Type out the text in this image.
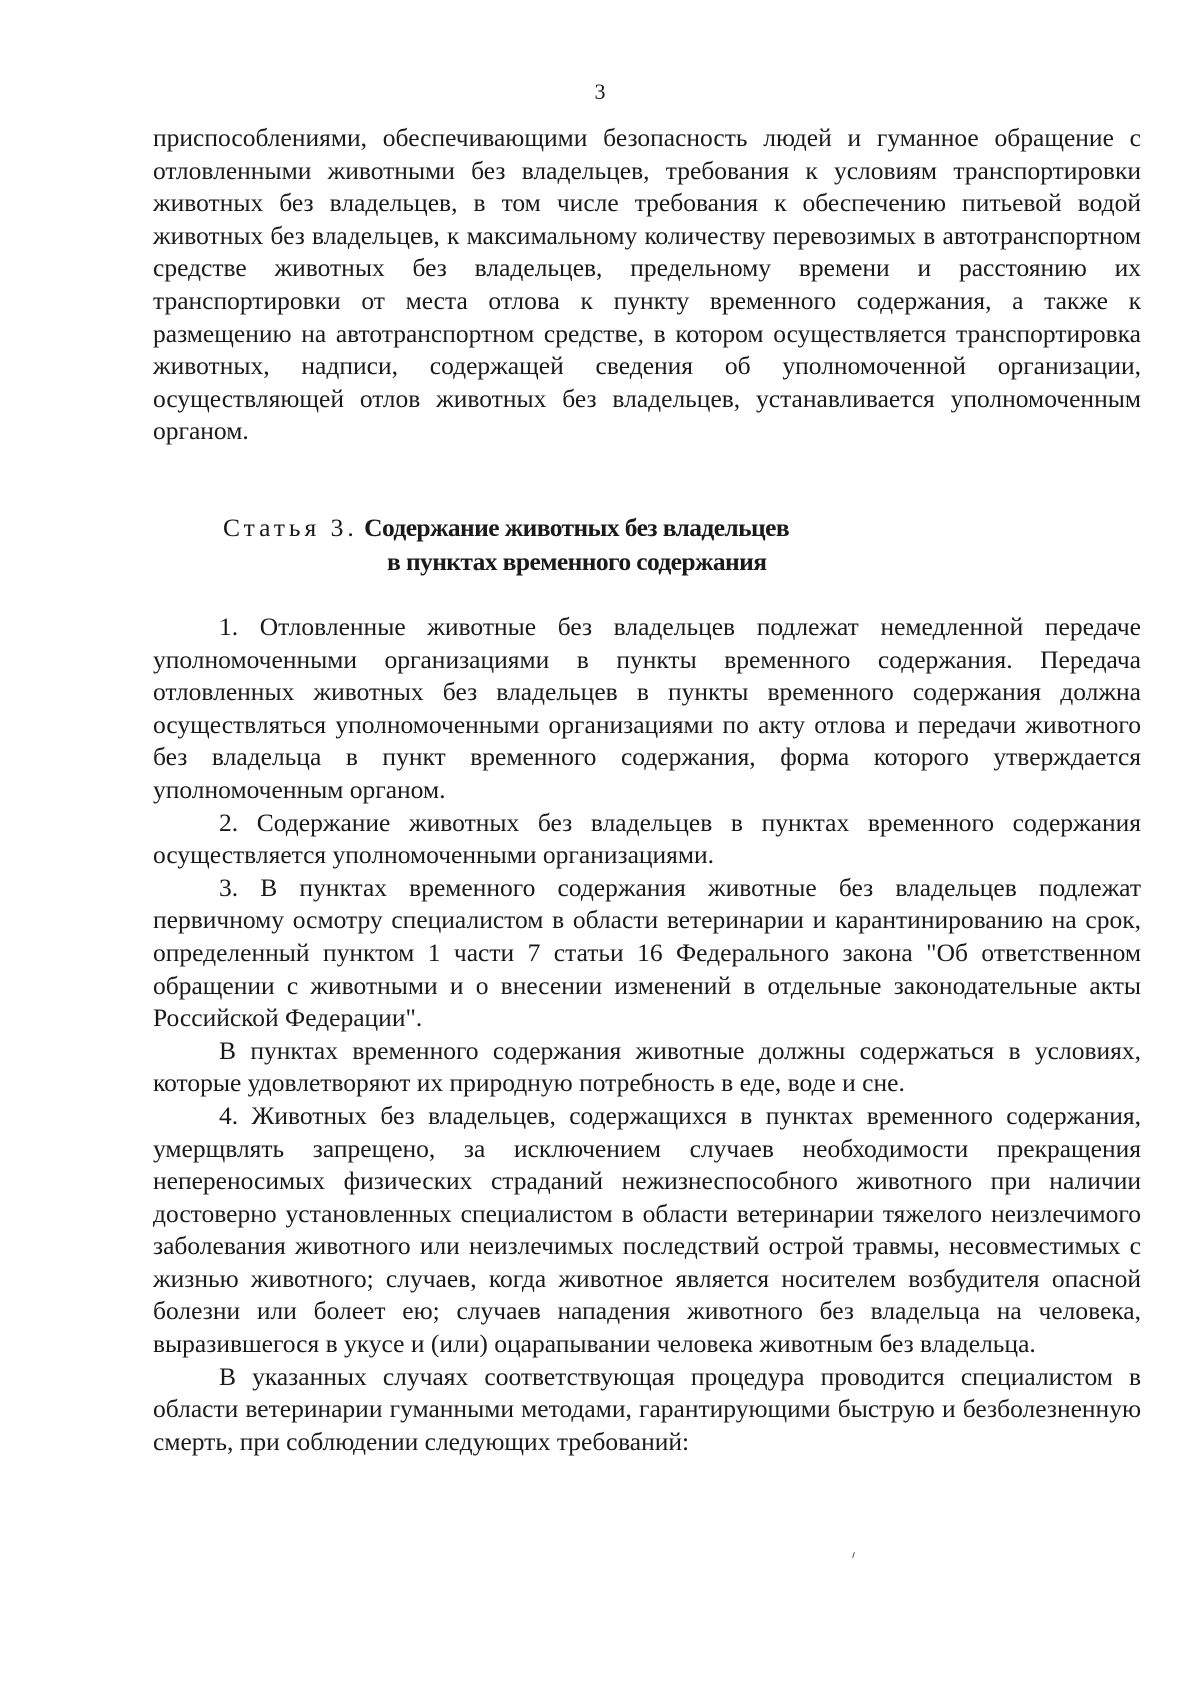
3

приспособлениями, обеспечивающими безопасность людей и гуманное обращение с отловленными животными без владельцев, требования к условиям транспортировки животных без владельцев, в том числе требования к обеспечению питьевой водой животных без владельцев, к максимальному количеству перевозимых в автотранспортном средстве животных без владельцев, предельному времени и расстоянию их транспортировки от места отлова к пункту временного содержания, а также к размещению на автотранспортном средстве, в котором осуществляется транспортировка животных, надписи, содержащей сведения об уполномоченной организации, осуществляющей отлов животных без владельцев, устанавливается уполномоченным органом.

Статья 3. Содержание животных без владельцев
в пунктах временного содержания

1. Отловленные животные без владельцев подлежат немедленной передаче уполномоченными организациями в пункты временного содержания. Передача отловленных животных без владельцев в пункты временного содержания должна осуществляться уполномоченными организациями по акту отлова и передачи животного без владельца в пункт временного содержания, форма которого утверждается уполномоченным органом.

2. Содержание животных без владельцев в пунктах временного содержания осуществляется уполномоченными организациями.

3. В пунктах временного содержания животные без владельцев подлежат первичному осмотру специалистом в области ветеринарии и карантинированию на срок, определенный пунктом 1 части 7 статьи 16 Федерального закона "Об ответственном обращении с животными и о внесении изменений в отдельные законодательные акты Российской Федерации".

В пунктах временного содержания животные должны содержаться в условиях, которые удовлетворяют их природную потребность в еде, воде и сне.

4. Животных без владельцев, содержащихся в пунктах временного содержания, умерщвлять запрещено, за исключением случаев необходимости прекращения непереносимых физических страданий нежизнеспособного животного при наличии достоверно установленных специалистом в области ветеринарии тяжелого неизлечимого заболевания животного или неизлечимых последствий острой травмы, несовместимых с жизнью животного; случаев, когда животное является носителем возбудителя опасной болезни или болеет ею; случаев нападения животного без владельца на человека, выразившегося в укусе и (или) оцарапывании человека животным без владельца.

В указанных случаях соответствующая процедура проводится специалистом в области ветеринарии гуманными методами, гарантирующими быструю и безболезненную смерть, при соблюдении следующих требований:
